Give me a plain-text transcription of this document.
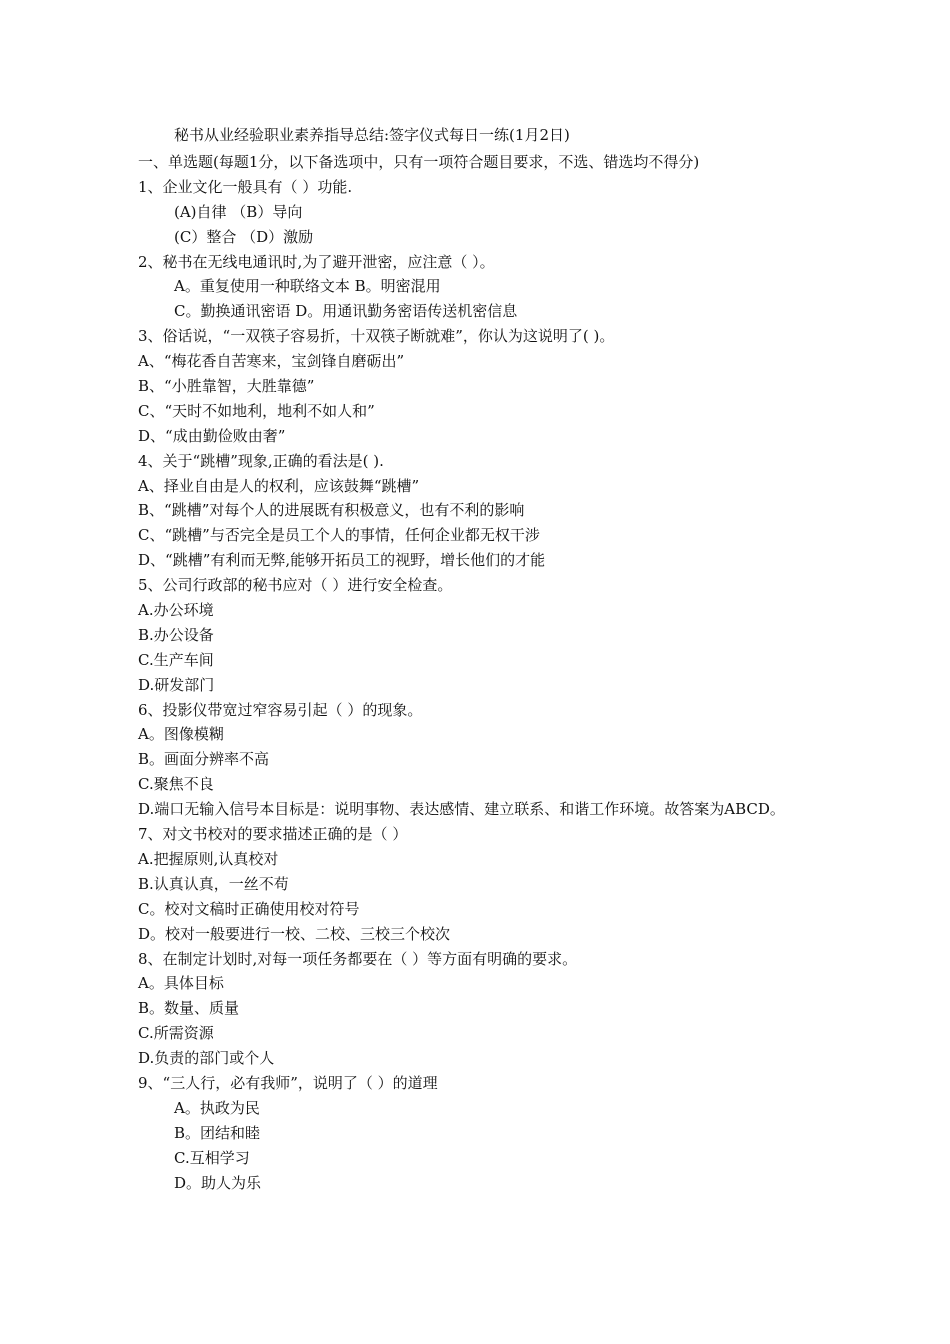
秘书从业经验职业素养指导总结:签字仪式每日一练(1月2日)
一、单选题(每题1分，以下备选项中，只有一项符合题目要求，不选、错选均不得分)
1、企业文化一般具有（ ）功能.
(A)自律 （B）导向
(C）整合 （D）激励
2、秘书在无线电通讯时,为了避开泄密，应注意（ ）。
A。重复使用一种联络文本 B。明密混用
C。勤换通讯密语 D。用通讯勤务密语传送机密信息
3、俗话说，“一双筷子容易折，十双筷子断就难”，你认为这说明了( )。
A、“梅花香自苦寒来，宝剑锋自磨砺出”
B、“小胜靠智，大胜靠德”
C、“天时不如地利，地利不如人和”
D、“成由勤俭败由奢”
4、关于“跳槽”现象,正确的看法是( ).
A、择业自由是人的权利，应该鼓舞“跳槽”
B、“跳槽”对每个人的进展既有积极意义，也有不利的影响
C、“跳槽”与否完全是员工个人的事情，任何企业都无权干涉
D、“跳槽”有利而无弊,能够开拓员工的视野，增长他们的才能
5、公司行政部的秘书应对（ ）进行安全检查。
A.办公环境
B.办公设备
C.生产车间
D.研发部门
6、投影仪带宽过窄容易引起（ ）的现象。
A。图像模糊
B。画面分辨率不高
C.聚焦不良
D.端口无输入信号本目标是：说明事物、表达感情、建立联系、和谐工作环境。故答案为ABCD。
7、对文书校对的要求描述正确的是（ ）
A.把握原则,认真校对
B.认真认真，一丝不苟
C。校对文稿时正确使用校对符号
D。校对一般要进行一校、二校、三校三个校次
8、在制定计划时,对每一项任务都要在（ ）等方面有明确的要求。
A。具体目标
B。数量、质量
C.所需资源
D.负责的部门或个人
9、“三人行，必有我师”，说明了（ ）的道理
A。执政为民
B。团结和睦
C.互相学习
D。助人为乐
